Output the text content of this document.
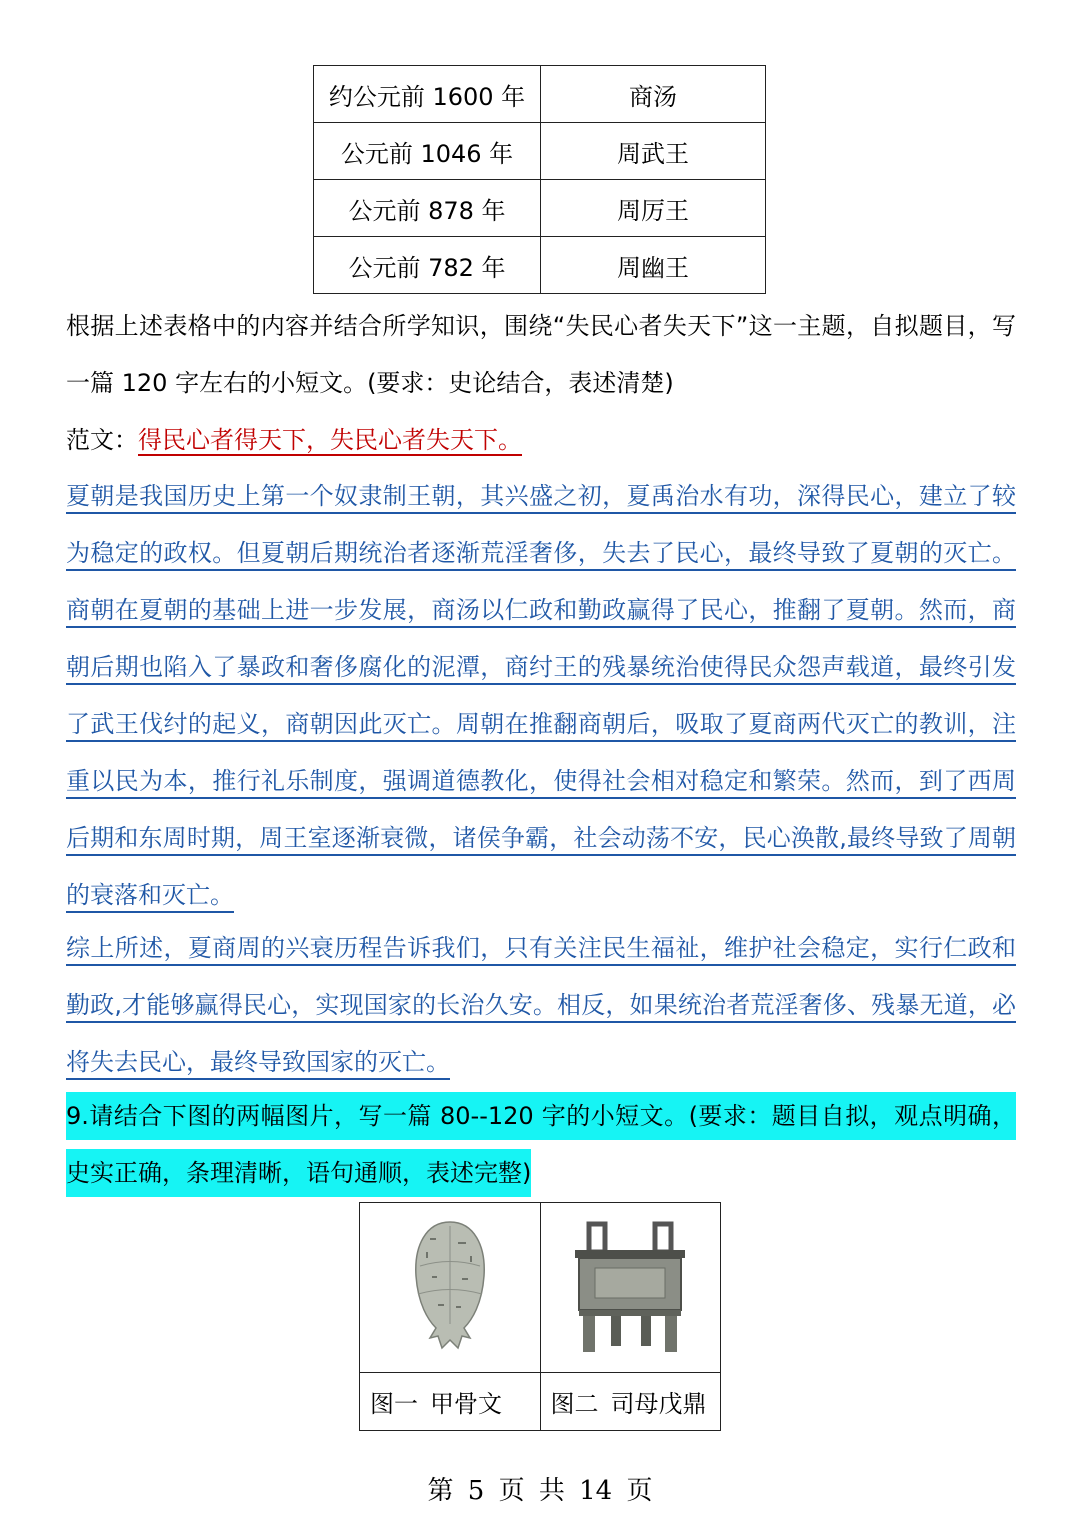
约公元前 1600 年	商汤
公元前 1046 年	周武王
公元前 878 年	周厉王
公元前 782 年	周幽王

根据上述表格中的内容并结合所学知识，围绕“失民心者失天下”这一主题，自拟题目，写一篇 120 字左右的小短文。(要求：史论结合，表述清楚)

范文：得民心者得天下，失民心者失天下。

夏朝是我国历史上第一个奴隶制王朝，其兴盛之初，夏禹治水有功，深得民心，建立了较为稳定的政权。但夏朝后期统治者逐渐荒淫奢侈，失去了民心，最终导致了夏朝的灭亡。商朝在夏朝的基础上进一步发展，商汤以仁政和勤政赢得了民心，推翻了夏朝。然而，商朝后期也陷入了暴政和奢侈腐化的泥潭，商纣王的残暴统治使得民众怨声载道，最终引发了武王伐纣的起义，商朝因此灭亡。周朝在推翻商朝后，吸取了夏商两代灭亡的教训，注重以民为本，推行礼乐制度，强调道德教化，使得社会相对稳定和繁荣。然而，到了西周后期和东周时期，周王室逐渐衰微，诸侯争霸，社会动荡不安，民心涣散,最终导致了周朝的衰落和灭亡。

综上所述，夏商周的兴衰历程告诉我们，只有关注民生福祉，维护社会稳定，实行仁政和勤政,才能够赢得民心，实现国家的长治久安。相反，如果统治者荒淫奢侈、残暴无道，必将失去民心，最终导致国家的灭亡。

9.请结合下图的两幅图片，写一篇 80--120 字的小短文。(要求：题目自拟，观点明确，史实正确，条理清晰，语句通顺，表述完整)

图一 甲骨文	图二 司母戊鼎
第 5 页 共 14 页
